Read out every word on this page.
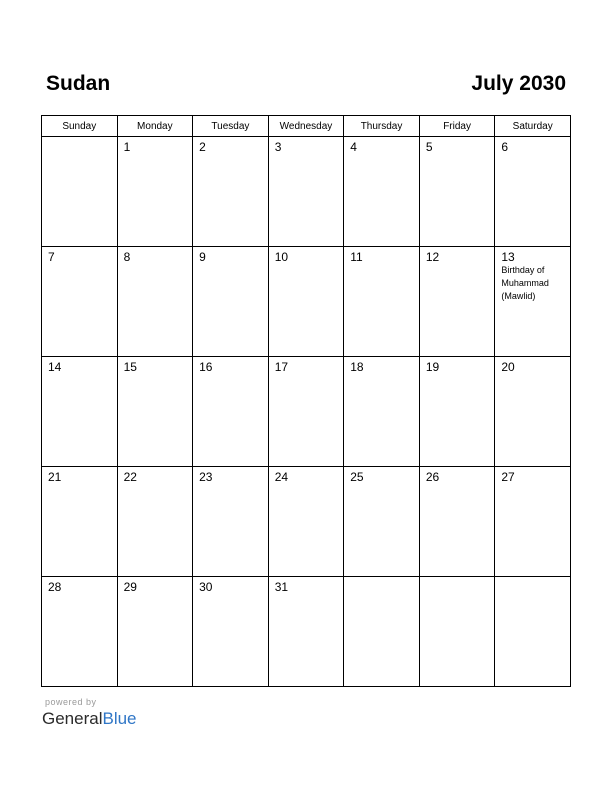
Sudan	July 2030
Sunday	Monday	Tuesday	Wednesday	Thursday	Friday	Saturday

	1	2	3	4	5	6

7	8	9	10	11	12	13
Birthday of Muhammad (Mawlid)

14	15	16	17	18	19	20

21	22	23	24	25	26	27

28	29	30	31			

powered by
GeneralBlue
